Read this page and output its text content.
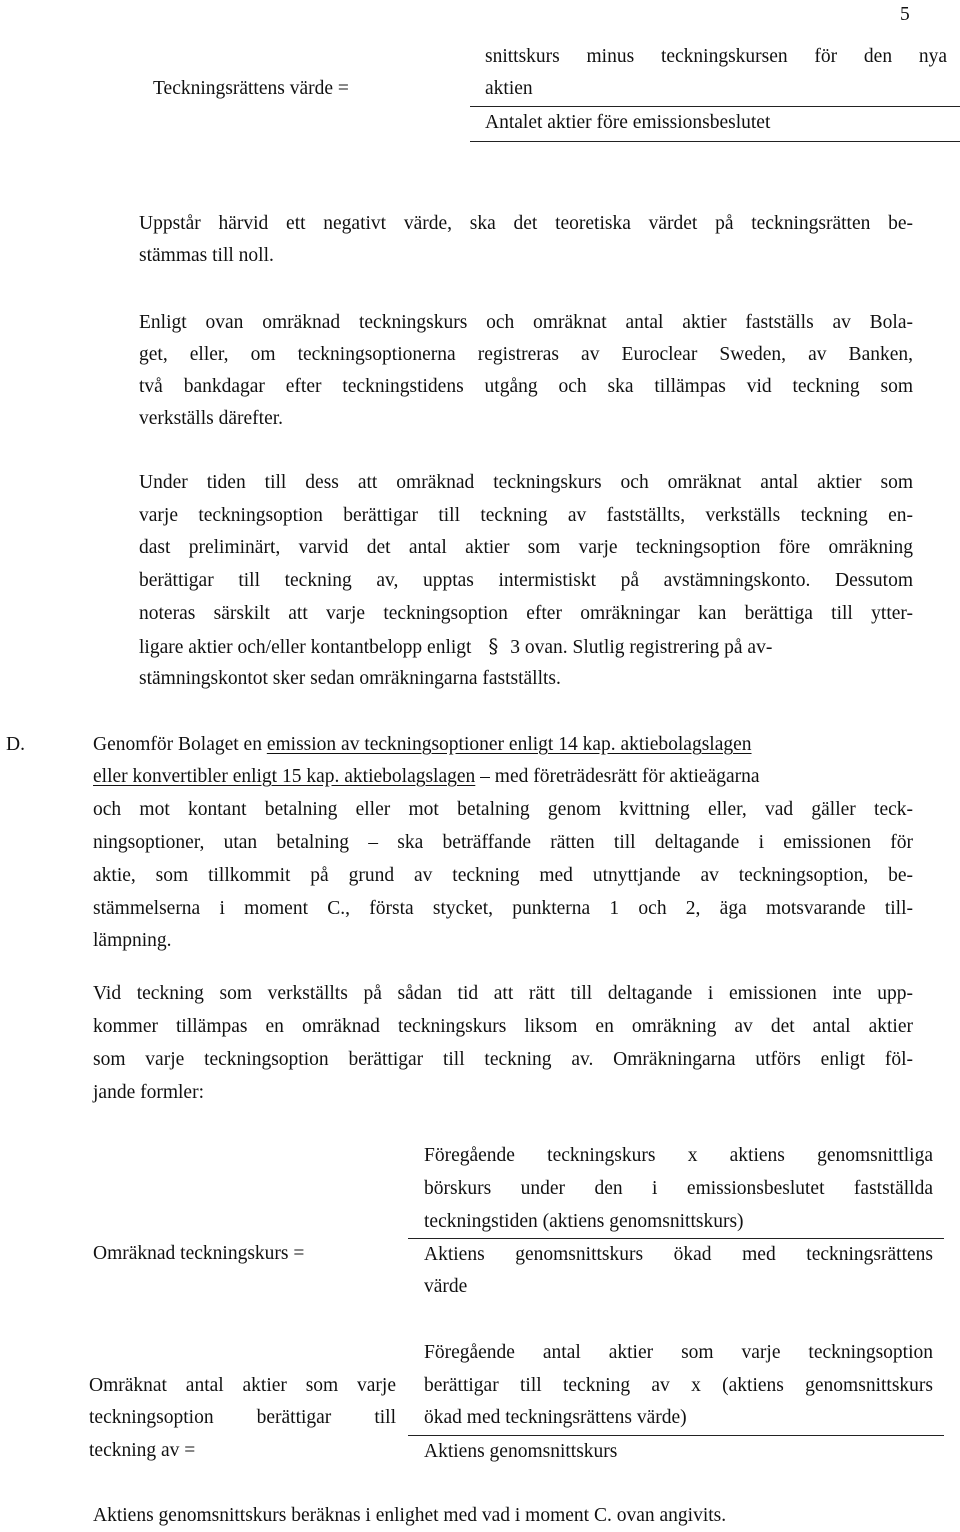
5
Teckningsrättens värde =
snittskurs minus teckningskursen för den nya
aktien
Antalet aktier före emissionsbeslutet
Uppstår härvid ett negativt värde, ska det teoretiska värdet på teckningsrätten be-
stämmas till noll.
Enligt ovan omräknad teckningskurs och omräknat antal aktier fastställs av Bola-
get, eller, om teckningsoptionerna registreras av Euroclear Sweden, av Banken,
två bankdagar efter teckningstidens utgång och ska tillämpas vid teckning som
verkställs därefter.
Under tiden till dess att omräknad teckningskurs och omräknat antal aktier som
varje teckningsoption berättigar till teckning av fastställts, verkställs teckning en-
dast preliminärt, varvid det antal aktier som varje teckningsoption före omräkning
berättigar till teckning av, upptas intermistiskt på avstämningskonto. Dessutom
noteras särskilt att varje teckningsoption efter omräkningar kan berättiga till ytter-
ligare aktier och/eller kontantbelopp enligt § 3 ovan. Slutlig registrering på av-
stämningskontot sker sedan omräkningarna fastställts.
D.	Genomför Bolaget en emission av teckningsoptioner enligt 14 kap. aktiebolagslagen
eller konvertibler enligt 15 kap. aktiebolagslagen – med företrädesrätt för aktieägarna
och mot kontant betalning eller mot betalning genom kvittning eller, vad gäller teck-
ningsoptioner, utan betalning – ska beträffande rätten till deltagande i emissionen för
aktie, som tillkommit på grund av teckning med utnyttjande av teckningsoption, be-
stämmelserna i moment C., första stycket, punkterna 1 och 2, äga motsvarande till-
lämpning.
Vid teckning som verkställts på sådan tid att rätt till deltagande i emissionen inte upp-
kommer tillämpas en omräknad teckningskurs liksom en omräkning av det antal aktier
som varje teckningsoption berättigar till teckning av. Omräkningarna utförs enligt föl-
jande formler:
Omräknad teckningskurs =
Föregående teckningskurs x aktiens genomsnittliga
börskurs under den i emissionsbeslutet fastställda
teckningstiden (aktiens genomsnittskurs)
Aktiens genomsnittskurs ökad med teckningsrättens
värde
Omräknat antal aktier som varje
teckningsoption berättigar till
teckning av =
Föregående antal aktier som varje teckningsoption
berättigar till teckning av x (aktiens genomsnittskurs
ökad med teckningsrättens värde)
Aktiens genomsnittskurs
Aktiens genomsnittskurs beräknas i enlighet med vad i moment C. ovan angivits.
